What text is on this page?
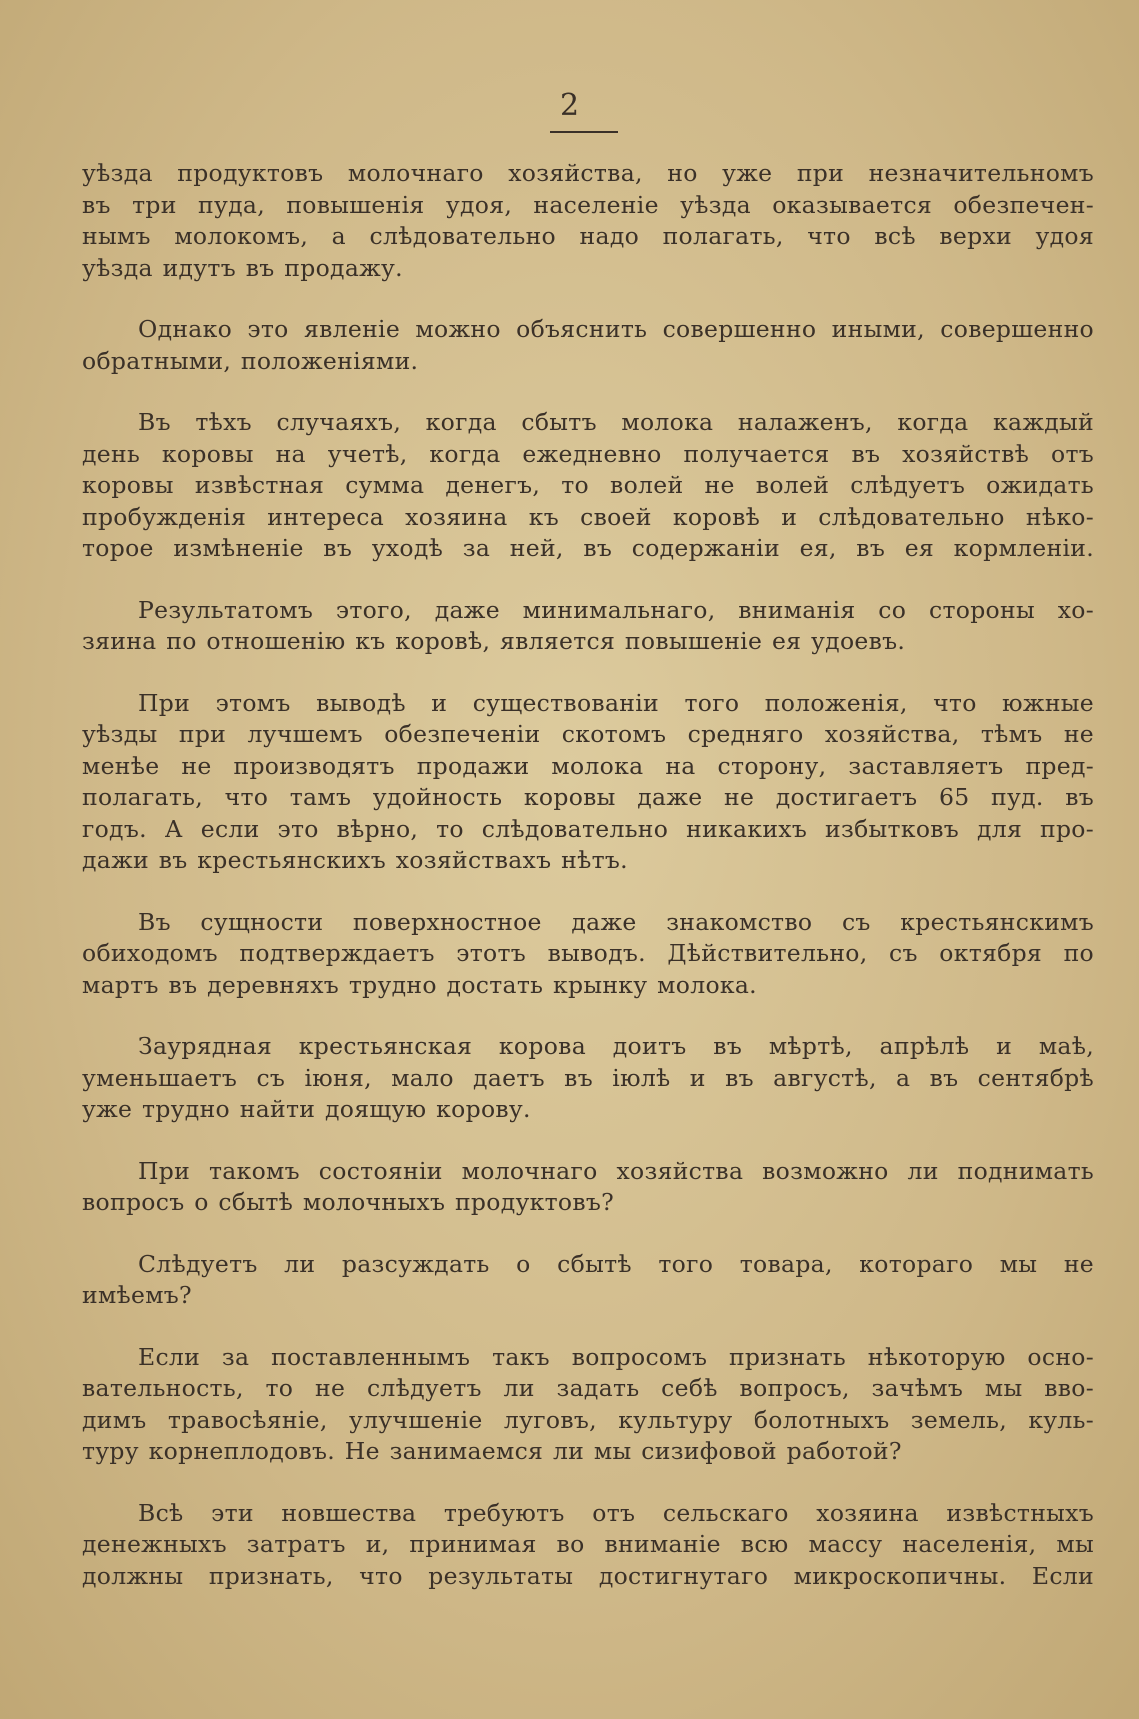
2
уѣзда продуктовъ молочнаго хозяйства, но уже при незначительномъ
въ три пуда, повышенія удоя, населеніе уѣзда оказывается обезпечен-
нымъ молокомъ, а слѣдовательно надо полагать, что всѣ верхи удоя
уѣзда идутъ въ продажу.
Однако это явленіе можно объяснить совершенно иными, совершенно
обратными, положеніями.
Въ тѣхъ случаяхъ, когда сбытъ молока налаженъ, когда каждый
день коровы на учетѣ, когда ежедневно получается въ хозяйствѣ отъ
коровы извѣстная сумма денегъ, то волей не волей слѣдуетъ ожидать
пробужденія интереса хозяина къ своей коровѣ и слѣдовательно нѣко-
торое измѣненіе въ уходѣ за ней, въ содержаніи ея, въ ея кормленіи.
Результатомъ этого, даже минимальнаго, вниманія со стороны хо-
зяина по отношенію къ коровѣ, является повышеніе ея удоевъ.
При этомъ выводѣ и существованіи того положенія, что южные
уѣзды при лучшемъ обезпеченіи скотомъ средняго хозяйства, тѣмъ не
менѣе не производятъ продажи молока на сторону, заставляетъ пред-
полагать, что тамъ удойность коровы даже не достигаетъ 65 пуд. въ
годъ. А если это вѣрно, то слѣдовательно никакихъ избытковъ для про-
дажи въ крестьянскихъ хозяйствахъ нѣтъ.
Въ сущности поверхностное даже знакомство съ крестьянскимъ
обиходомъ подтверждаетъ этотъ выводъ. Дѣйствительно, съ октября по
мартъ въ деревняхъ трудно достать крынку молока.
Заурядная крестьянская корова доитъ въ мѣртѣ, апрѣлѣ и маѣ,
уменьшаетъ съ іюня, мало даетъ въ іюлѣ и въ августѣ, а въ сентябрѣ
уже трудно найти доящую корову.
При такомъ состояніи молочнаго хозяйства возможно ли поднимать
вопросъ о сбытѣ молочныхъ продуктовъ?
Слѣдуетъ ли разсуждать о сбытѣ того товара, котораго мы не
имѣемъ?
Если за поставленнымъ такъ вопросомъ признать нѣкоторую осно-
вательность, то не слѣдуетъ ли задать себѣ вопросъ, зачѣмъ мы вво-
димъ травосѣяніе, улучшеніе луговъ, культуру болотныхъ земель, куль-
туру корнеплодовъ. Не занимаемся ли мы сизифовой работой?
Всѣ эти новшества требуютъ отъ сельскаго хозяина извѣстныхъ
денежныхъ затратъ и, принимая во вниманіе всю массу населенія, мы
должны признать, что результаты достигнутаго микроскопичны. Если
